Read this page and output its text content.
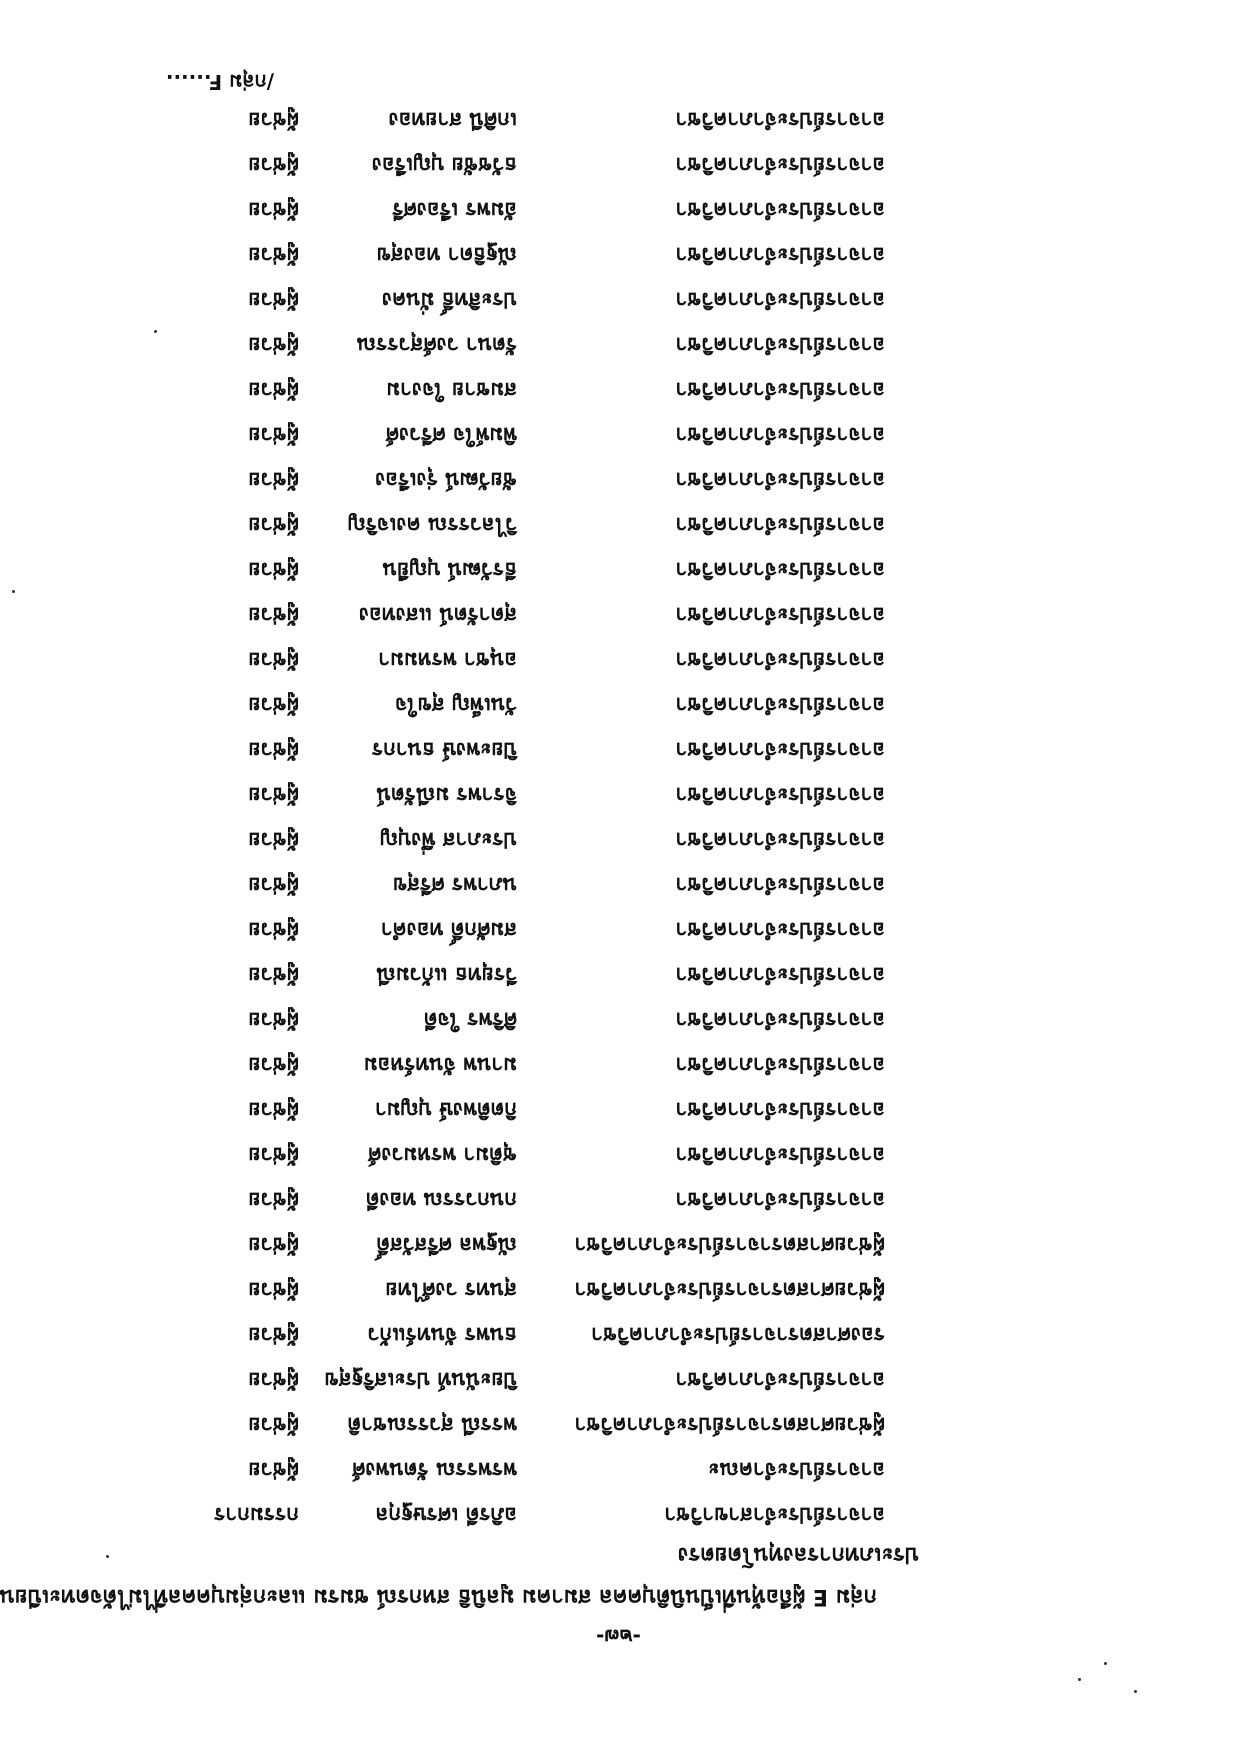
-๒๗-
กลุ่ม E ผู้ถือหุ้นที่เป็นนิติบุคคล สมาคม มูลนิธิ สหกรณ์ ชมรม และกลุ่มบุคคลที่ไม่ได้จดทะเบียน
ประเภทการลงทุนโดยตรง
อาจารย์ประจำสาขาวิชา
อภิรดี เศรษฐกุล
กรรมการ
อาจารย์ประจำคณะ
พรพรรณ รัตนพงศ์
ผู้ช่วย
ผู้ช่วยศาสตราจารย์ประจำภาควิชา
พรรณี สุวรรณชาติ
ผู้ช่วย
อาจารย์ประจำภาควิชา
ปิยะนันท์ ประเสริฐสุข
ผู้ช่วย
รองศาสตราจารย์ประจำภาควิชา
ธนพร จันทร์แก้ว
ผู้ช่วย
ผู้ช่วยศาสตราจารย์ประจำภาควิชา
สุนทร วงศ์ไทย
ผู้ช่วย
ผู้ช่วยศาสตราจารย์ประจำภาควิชา
ณัฐพล ศรีสวัสดิ์
ผู้ช่วย
อาจารย์ประจำภาควิชา
กนกวรรณ ทองดี
ผู้ช่วย
อาจารย์ประจำภาควิชา
ชุติมา พรหมวงศ์
ผู้ช่วย
อาจารย์ประจำภาควิชา
กิตติพงษ์ บุญมา
ผู้ช่วย
อาจารย์ประจำภาควิชา
มานพ จันทร์หอม
ผู้ช่วย
อาจารย์ประจำภาควิชา
ศิริพร ใจดี
ผู้ช่วย
อาจารย์ประจำภาควิชา
วีรยุทธ แก้วมณี
ผู้ช่วย
อาจารย์ประจำภาควิชา
สมศักดิ์ ทองคำ
ผู้ช่วย
อาจารย์ประจำภาควิชา
นภาพร ศรีสุข
ผู้ช่วย
อาจารย์ประจำภาควิชา
ประภาส พึ่งบุญ
ผู้ช่วย
อาจารย์ประจำภาควิชา
จิราพร มณีรัตน์
ผู้ช่วย
อาจารย์ประจำภาควิชา
ปิยะพงษ์ ธนากร
ผู้ช่วย
อาจารย์ประจำภาควิชา
วันเพ็ญ สุขใจ
ผู้ช่วย
อาจารย์ประจำภาควิชา
อนุชา พรหมมา
ผู้ช่วย
อาจารย์ประจำภาควิชา
สุดารัตน์ แสงทอง
ผู้ช่วย
อาจารย์ประจำภาควิชา
ธีรวัฒน์ บุญยืน
ผู้ช่วย
อาจารย์ประจำภาควิชา
วิไลวรรณ คงเจริญ
ผู้ช่วย
อาจารย์ประจำภาควิชา
ชัยวัฒน์ รุ่งเรือง
ผู้ช่วย
อาจารย์ประจำภาควิชา
พิมพ์ใจ ศรีวงศ์
ผู้ช่วย
อาจารย์ประจำภาควิชา
สมชาย ใจงาม
ผู้ช่วย
อาจารย์ประจำภาควิชา
รัตนา วงศ์สุวรรณ
ผู้ช่วย
อาจารย์ประจำภาควิชา
ประสิทธิ์ มั่นคง
ผู้ช่วย
อาจารย์ประจำภาควิชา
ณัฐธิดา ทองสุข
ผู้ช่วย
อาจารย์ประจำภาควิชา
อัมพร เรืองศรี
ผู้ช่วย
อาจารย์ประจำภาควิชา
ธวัชชัย บุญเรือง
ผู้ช่วย
อาจารย์ประจำภาควิชา
เกศินี สายทอง
ผู้ช่วย
/กลุ่ม F......
